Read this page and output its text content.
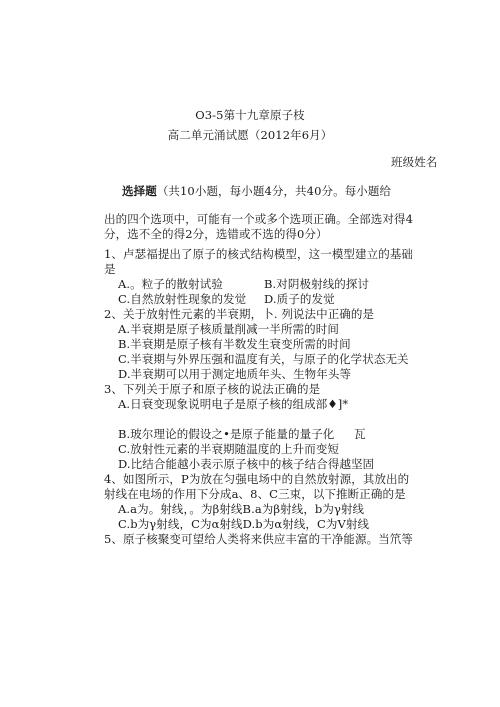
O3-5第十九章原子枝
高二单元涌试愿（2012年6月）
班级姓名
选择题（共10小题，每小题4分，共40分。每小题给
出的四个选项中，可能有一个或多个选项正确。全部选对得4
分，选不全的得2分，选错或不选的得0分）
1、卢瑟福提出了原子的核式结构模型，这一模型建立的基础
是
A.。粒子的散射试验	B.对阴极射线的探讨
C.自然放射性现象的发觉 D.质子的发觉
2、关于放射性元素的半衰期，卜. 列说法中正确的是
A.半衰期是原子核质量削减一半所需的时间
B.半衰期是原子核有半数发生衰变所需的时间
C.半衰期与外界压强和温度有关，与原子的化学状态无关
D.半衰期可以用于测定地质年头、生物年头等
3、下列关于原子和原子核的说法正确的是
A.日衰变现象说明电子是原子核的组成部♦]*
B.玻尔理论的假设之•是原子能量的量子化 瓦
C.放射性元素的半衰期随温度的上升而变短
D.比结合能越小表示原子核中的核子结合得越坚固
4、如图所示，P为放在匀强电场中的自然放射源，其放出的
射线在电场的作用下分成a、8、C三束，以下推断正确的是
A.a为。射线，。为β射线B.a为β射线，b为γ射线
C.b为γ射线，C为α射线D.b为α射线，C为V射线
5、原子核聚变可望给人类将来供应丰富的干净能源。当笊等
